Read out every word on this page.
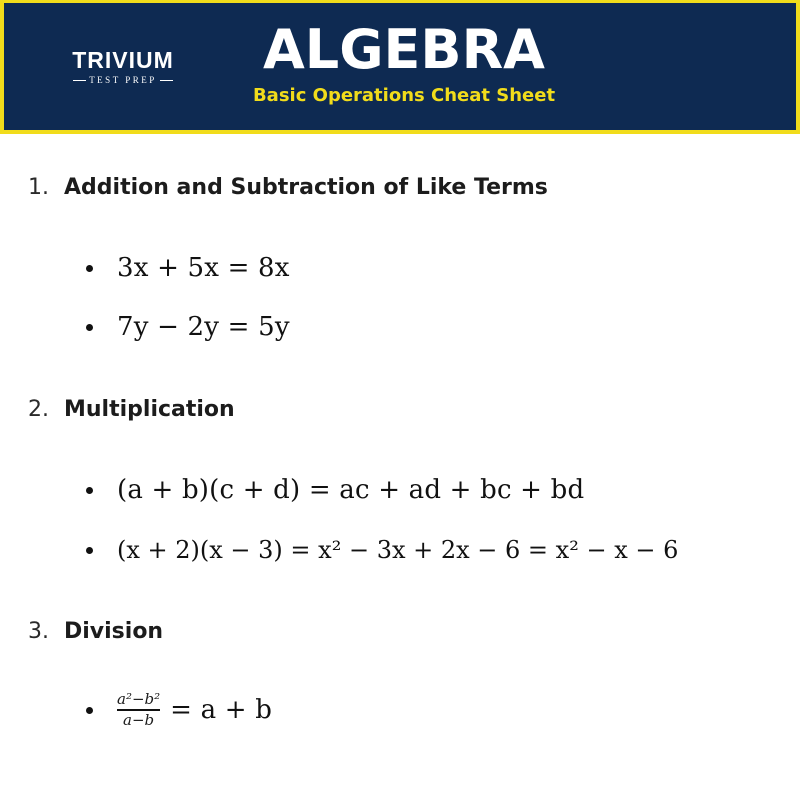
TRIVIUM
TEST PREP	ALGEBRA
Basic Operations Cheat Sheet
1. Addition and Subtraction of Like Terms
3x + 5x = 8x
7y − 2y = 5y
2. Multiplication
(a + b)(c + d) = ac + ad + bc + bd
(x + 2)(x − 3) = x² − 3x + 2x − 6 = x² − x − 6
3. Division
$\frac{\text{a²−b²}}{a-b} = a + b$
